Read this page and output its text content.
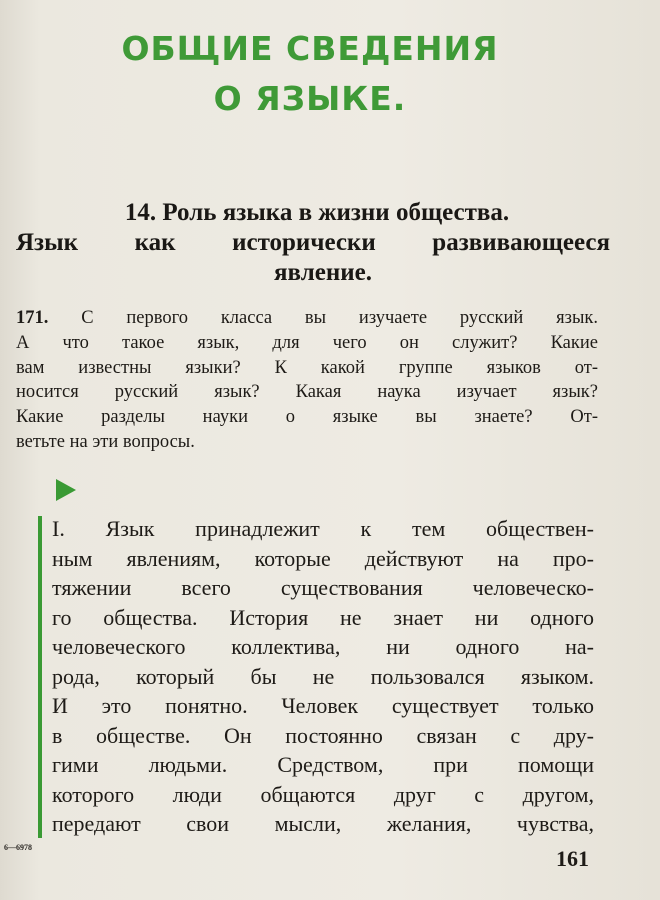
ОБЩИЕ СВЕДЕНИЯ
О ЯЗЫКЕ.
14. Роль языка в жизни общества.
Язык как исторически развивающееся
явление.
171. С первого класса вы изучаете русский язык.
А что такое язык, для чего он служит? Какие
вам известны языки? К какой группе языков от-
носится русский язык? Какая наука изучает язык?
Какие разделы науки о языке вы знаете? От-
ветьте на эти вопросы.
I. Язык принадлежит к тем обществен-
ным явлениям, которые действуют на про-
тяжении всего существования человеческо-
го общества. История не знает ни одного
человеческого коллектива, ни одного на-
рода, который бы не пользовался языком.
И это понятно. Человек существует только
в обществе. Он постоянно связан с дру-
гими людьми. Средством, при помощи
которого люди общаются друг с другом,
передают свои мысли, желания, чувства,
6—6978	161
